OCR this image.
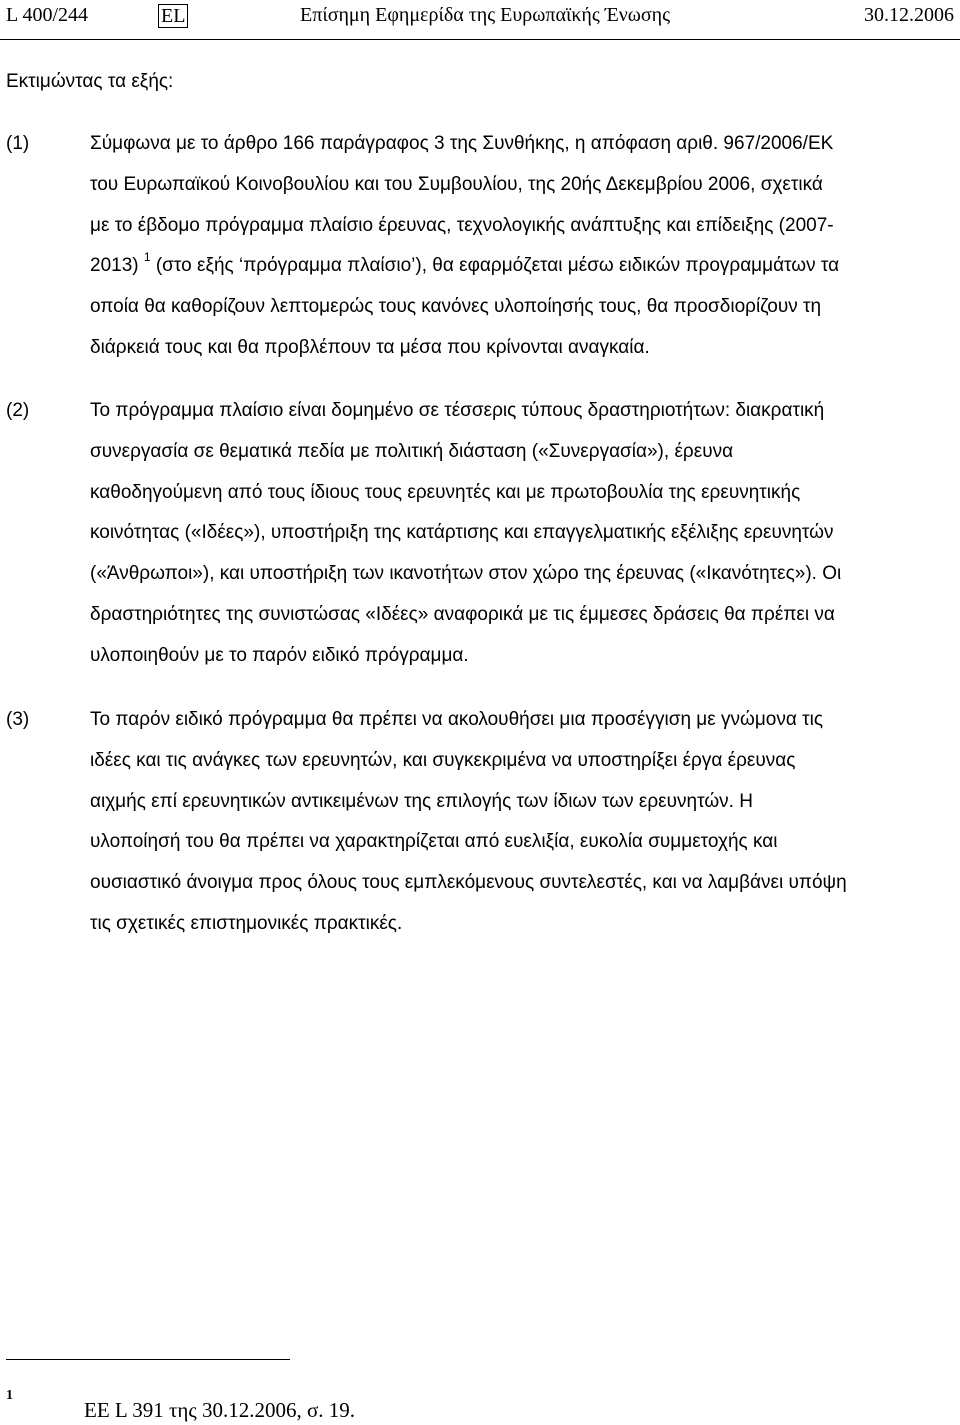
L 400/244	EL	Επίσημη Εφημερίδα της Ευρωπαϊκής Ένωσης	30.12.2006
Εκτιμώντας τα εξής:
(1)	Σύμφωνα με το άρθρο 166 παράγραφος 3 της Συνθήκης, η απόφαση αριθ. 967/2006/ΕΚ
του Ευρωπαϊκού Κοινοβουλίου και του Συμβουλίου, της 20ής Δεκεμβρίου 2006, σχετικά
με το έβδομο πρόγραμμα πλαίσιο έρευνας, τεχνολογικής ανάπτυξης και επίδειξης (2007-
2013) $^1$ (στο εξής ‘πρόγραμμα πλαίσιο’), θα εφαρμόζεται μέσω ειδικών προγραμμάτων τα
οποία θα καθορίζουν λεπτομερώς τους κανόνες υλοποίησής τους, θα προσδιορίζουν τη
διάρκειά τους και θα προβλέπουν τα μέσα που κρίνονται αναγκαία.

(2)	Το πρόγραμμα πλαίσιο είναι δομημένο σε τέσσερις τύπους δραστηριοτήτων: διακρατική
συνεργασία σε θεματικά πεδία με πολιτική διάσταση («Συνεργασία»), έρευνα
καθοδηγούμενη από τους ίδιους τους ερευνητές και με πρωτοβουλία της ερευνητικής
κοινότητας («Ιδέες»), υποστήριξη της κατάρτισης και επαγγελματικής εξέλιξης ερευνητών
(«Άνθρωποι»), και υποστήριξη των ικανοτήτων στον χώρο της έρευνας («Ικανότητες»). Οι
δραστηριότητες της συνιστώσας «Ιδέες» αναφορικά με τις έμμεσες δράσεις θα πρέπει να
υλοποιηθούν με το παρόν ειδικό πρόγραμμα.

(3)	Το παρόν ειδικό πρόγραμμα θα πρέπει να ακολουθήσει μια προσέγγιση με γνώμονα τις
ιδέες και τις ανάγκες των ερευνητών, και συγκεκριμένα να υποστηρίξει έργα έρευνας
αιχμής επί ερευνητικών αντικειμένων της επιλογής των ίδιων των ερευνητών. Η
υλοποίησή του θα πρέπει να χαρακτηρίζεται από ευελιξία, ευκολία συμμετοχής και
ουσιαστικό άνοιγμα προς όλους τους εμπλεκόμενους συντελεστές, και να λαμβάνει υπόψη
τις σχετικές επιστημονικές πρακτικές.

1
ΕΕ L 391 της 30.12.2006, σ. 19.
